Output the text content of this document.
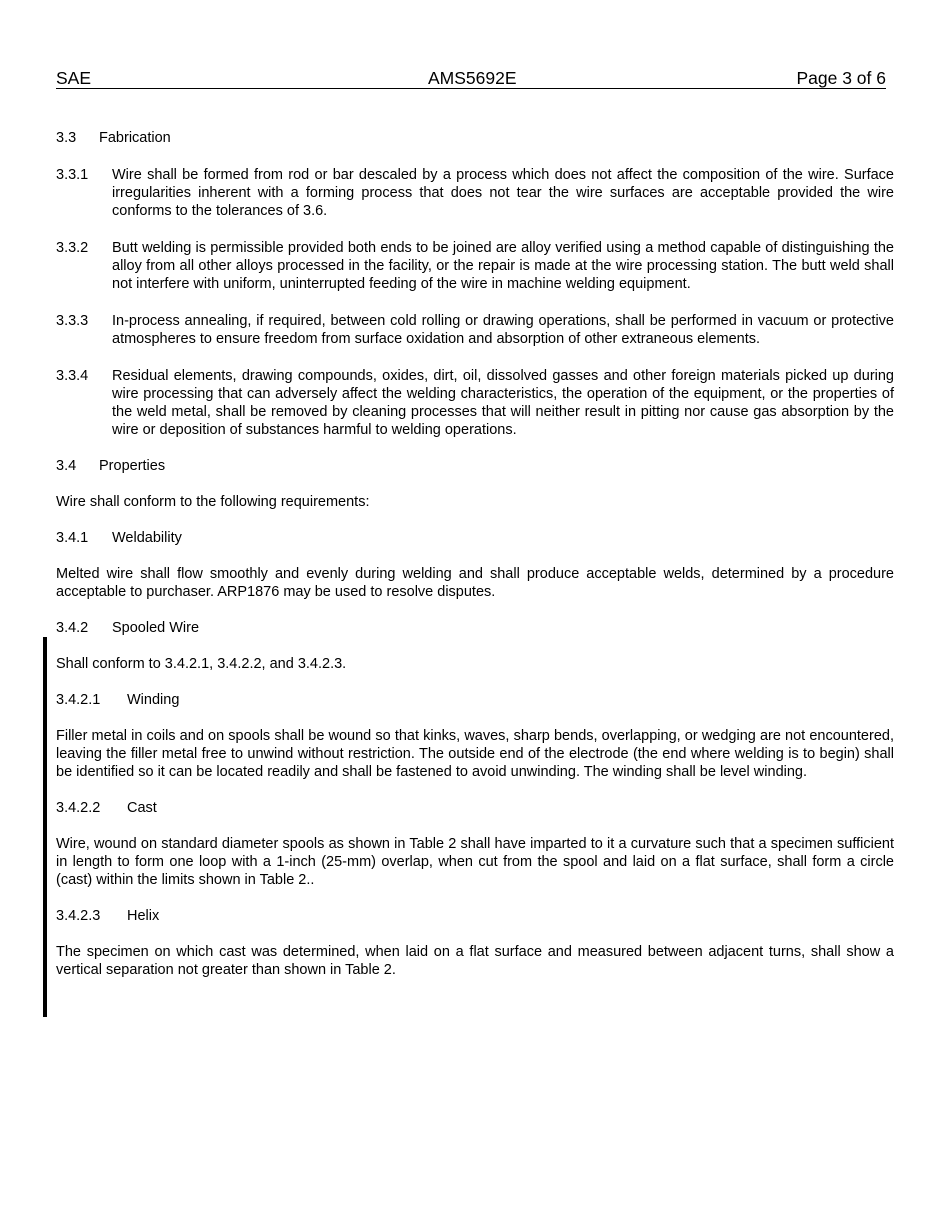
SAE	AMS5692E	Page 3 of 6
3.3 Fabrication
3.3.1 Wire shall be formed from rod or bar descaled by a process which does not affect the composition of the wire. Surface irregularities inherent with a forming process that does not tear the wire surfaces are acceptable provided the wire conforms to the tolerances of 3.6.
3.3.2 Butt welding is permissible provided both ends to be joined are alloy verified using a method capable of distinguishing the alloy from all other alloys processed in the facility, or the repair is made at the wire processing station. The butt weld shall not interfere with uniform, uninterrupted feeding of the wire in machine welding equipment.
3.3.3 In-process annealing, if required, between cold rolling or drawing operations, shall be performed in vacuum or protective atmospheres to ensure freedom from surface oxidation and absorption of other extraneous elements.
3.3.4 Residual elements, drawing compounds, oxides, dirt, oil, dissolved gasses and other foreign materials picked up during wire processing that can adversely affect the welding characteristics, the operation of the equipment, or the properties of the weld metal, shall be removed by cleaning processes that will neither result in pitting nor cause gas absorption by the wire or deposition of substances harmful to welding operations.
3.4 Properties
Wire shall conform to the following requirements:
3.4.1 Weldability
Melted wire shall flow smoothly and evenly during welding and shall produce acceptable welds, determined by a procedure acceptable to purchaser. ARP1876 may be used to resolve disputes.
3.4.2 Spooled Wire
Shall conform to 3.4.2.1, 3.4.2.2, and 3.4.2.3.
3.4.2.1 Winding
Filler metal in coils and on spools shall be wound so that kinks, waves, sharp bends, overlapping, or wedging are not encountered, leaving the filler metal free to unwind without restriction. The outside end of the electrode (the end where welding is to begin) shall be identified so it can be located readily and shall be fastened to avoid unwinding. The winding shall be level winding.
3.4.2.2 Cast
Wire, wound on standard diameter spools as shown in Table 2 shall have imparted to it a curvature such that a specimen sufficient in length to form one loop with a 1-inch (25-mm) overlap, when cut from the spool and laid on a flat surface, shall form a circle (cast) within the limits shown in Table 2..
3.4.2.3 Helix
The specimen on which cast was determined, when laid on a flat surface and measured between adjacent turns, shall show a vertical separation not greater than shown in Table 2.
